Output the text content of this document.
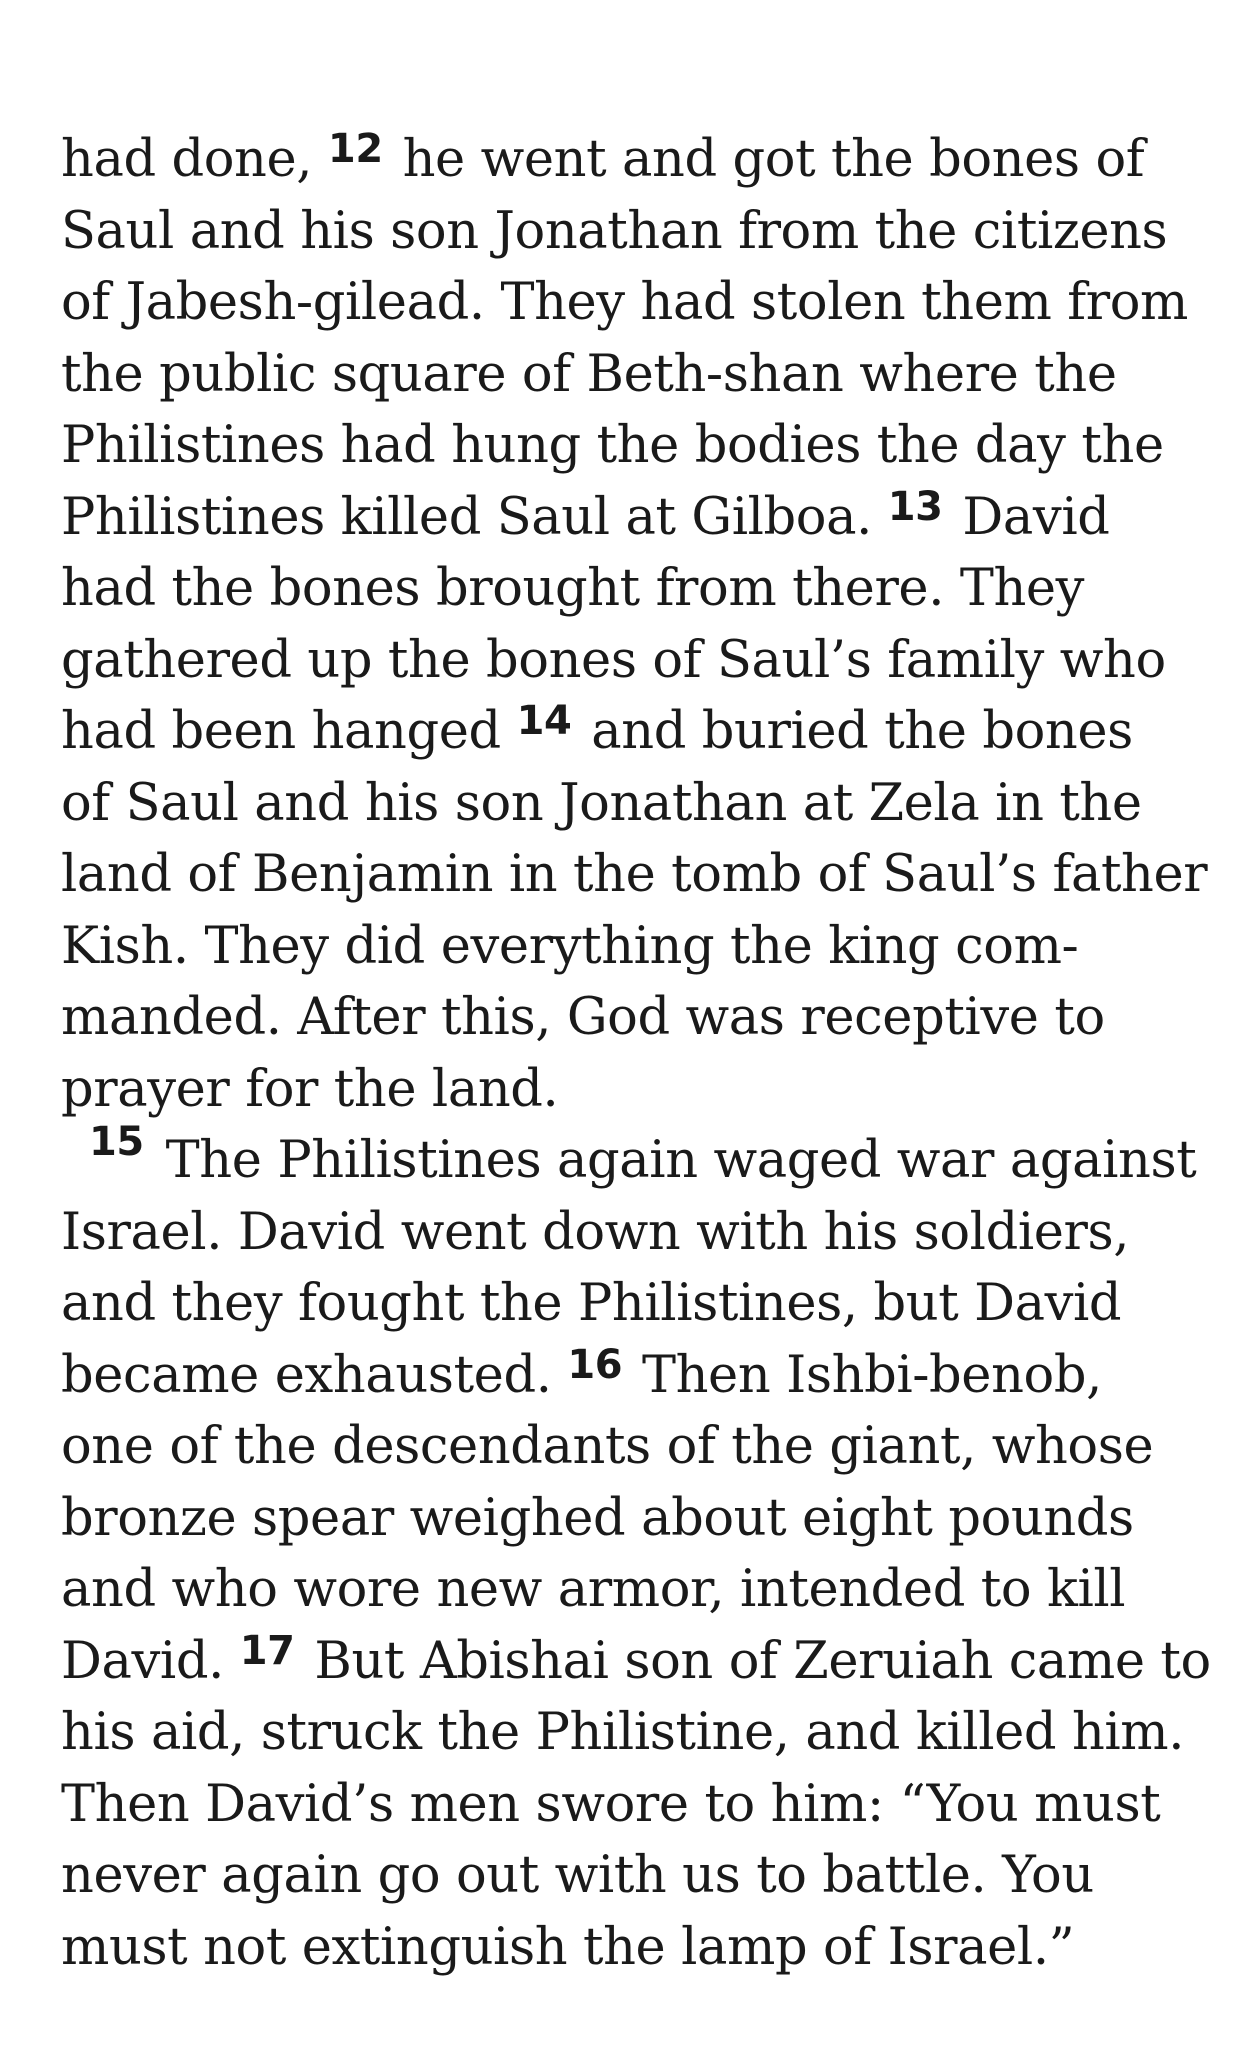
had done, $^{12}$ he went and got the bones of
Saul and his son Jonathan from the citizens
of Jabesh-gilead. They had stolen them from
the public square of Beth-shan where the
Philistines had hung the bodies the day the
Philistines killed Saul at Gilboa. $^{13}$ David
had the bones brought from there. They
gathered up the bones of Saul’s family who
had been hanged $^{14}$ and buried the bones
of Saul and his son Jonathan at Zela in the
land of Benjamin in the tomb of Saul’s father
Kish. They did everything the king com-
manded. After this, God was receptive to
prayer for the land.
15 The Philistines again waged war against
Israel. David went down with his soldiers,
and they fought the Philistines, but David
became exhausted. $^{16}$ Then Ishbi-benob,
one of the descendants of the giant, whose
bronze spear weighed about eight pounds
and who wore new armor, intended to kill
David. $^{17}$ But Abishai son of Zeruiah came to
his aid, struck the Philistine, and killed him.
Then David’s men swore to him: “You must
never again go out with us to battle. You
must not extinguish the lamp of Israel.”
